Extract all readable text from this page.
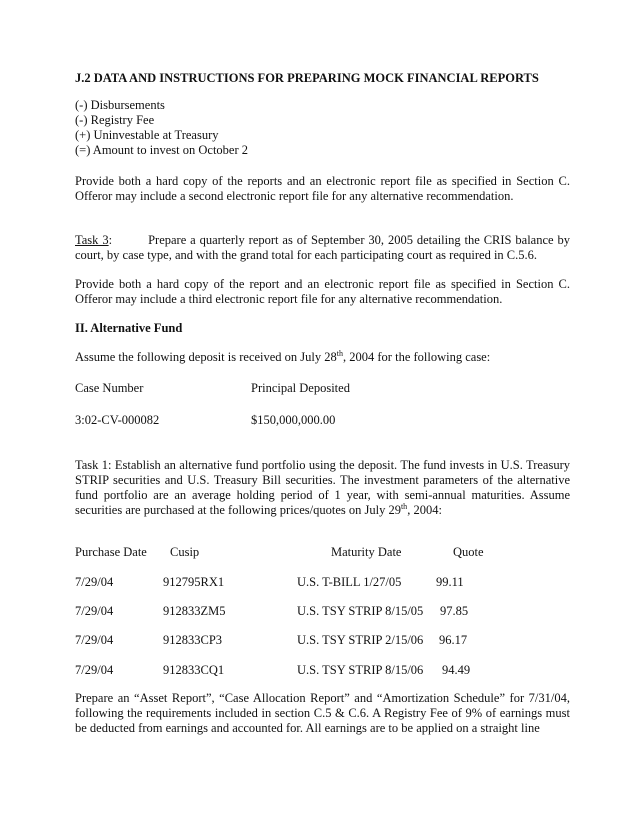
J.2 DATA AND INSTRUCTIONS FOR PREPARING MOCK FINANCIAL REPORTS
(-) Disbursements
(-) Registry Fee
(+) Uninvestable at Treasury
(=) Amount to invest on October 2
Provide both a hard copy of the reports and an electronic report file as specified in Section C. Offeror may include a second electronic report file for any alternative recommendation.
Task 3:	Prepare a quarterly report as of September 30, 2005 detailing the CRIS balance by court, by case type, and with the grand total for each participating court as required in C.5.6.
Provide both a hard copy of the report and an electronic report file as specified in Section C. Offeror may include a third electronic report file for any alternative recommendation.
II. Alternative Fund
Assume the following deposit is received on July 28th, 2004 for the following case:
Case Number	Principal Deposited
3:02-CV-000082	$150,000,000.00
Task 1: Establish an alternative fund portfolio using the deposit. The fund invests in U.S. Treasury STRIP securities and U.S. Treasury Bill securities. The investment parameters of the alternative fund portfolio are an average holding period of 1 year, with semi-annual maturities. Assume securities are purchased at the following prices/quotes on July 29th, 2004:
Purchase Date Cusip	Maturity Date	Quote
7/29/04	912795RX1	U.S. T-BILL 1/27/05	99.11
7/29/04	912833ZM5	U.S. TSY STRIP 8/15/05 97.85
7/29/04	912833CP3	U.S. TSY STRIP 2/15/06 96.17
7/29/04	912833CQ1	U.S. TSY STRIP 8/15/06 94.49
Prepare an “Asset Report”, “Case Allocation Report” and “Amortization Schedule” for 7/31/04, following the requirements included in section C.5 & C.6. A Registry Fee of 9% of earnings must be deducted from earnings and accounted for. All earnings are to be applied on a straight line
